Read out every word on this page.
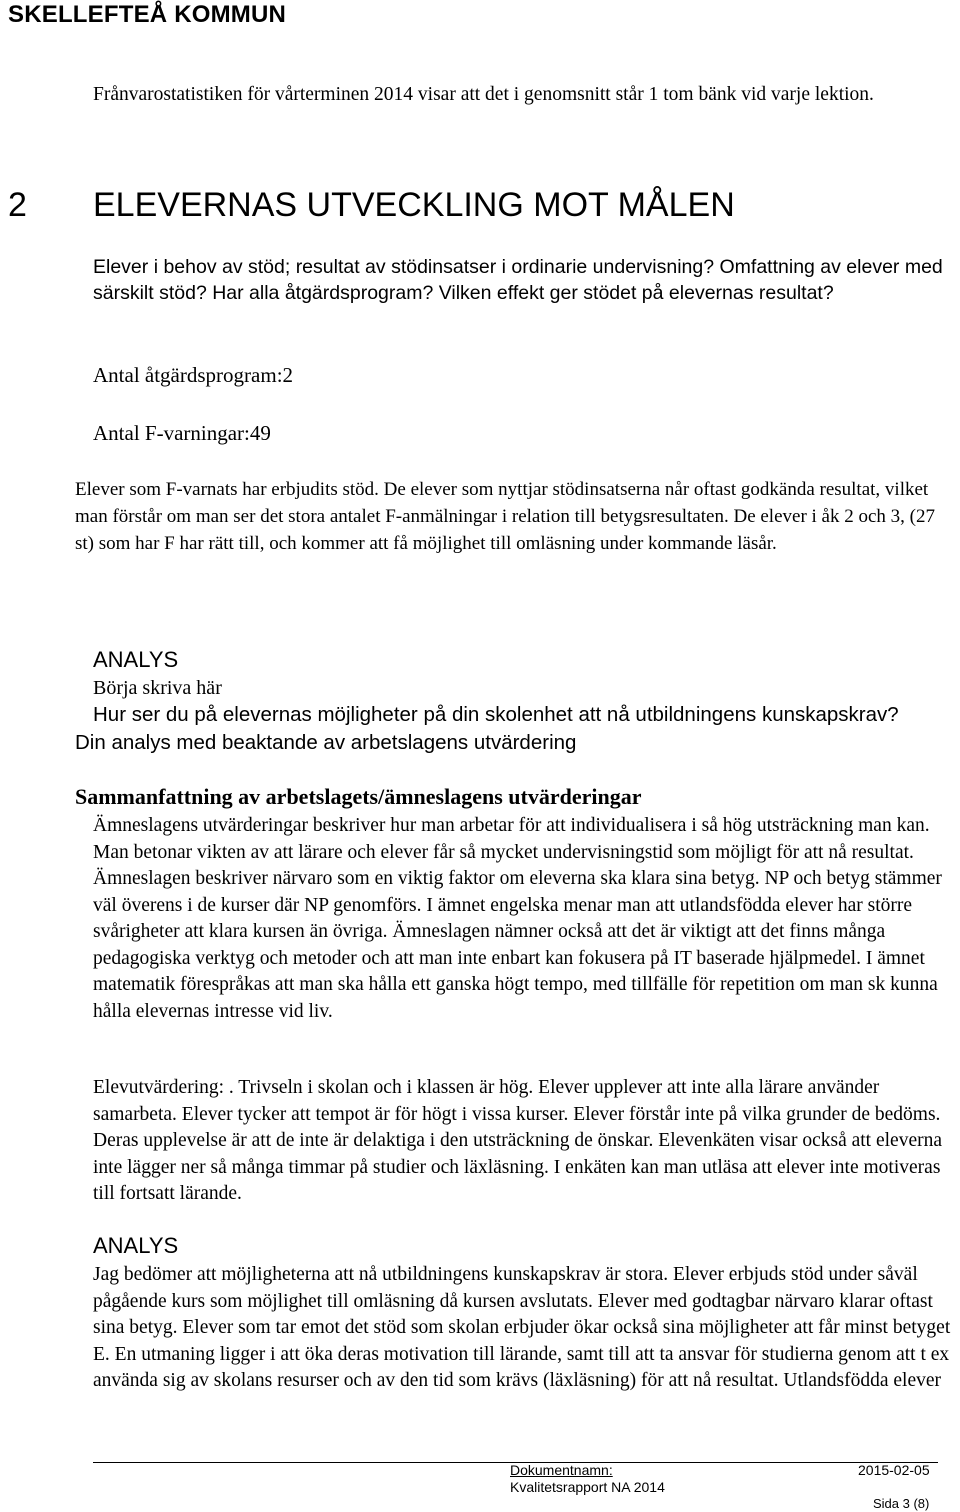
SKELLEFTEÅ KOMMUN

Frånvarostatistiken för vårterminen 2014 visar att det i genomsnitt står 1 tom bänk vid varje lektion.

2 ELEVERNAS UTVECKLING MOT MÅLEN

Elever i behov av stöd; resultat av stödinsatser i ordinarie undervisning? Omfattning av elever med särskilt stöd? Har alla åtgärdsprogram? Vilken effekt ger stödet på elevernas resultat?

Antal åtgärdsprogram:2
Antal F-varningar:49

Elever som F-varnats har erbjudits stöd. De elever som nyttjar stödinsatserna når oftast godkända resultat, vilket man förstår om man ser det stora antalet F-anmälningar i relation till betygsresultaten. De elever i åk 2 och 3, (27 st) som har F har rätt till, och kommer att få möjlighet till omläsning under kommande läsår.

ANALYS
Börja skriva här

Hur ser du på elevernas möjligheter på din skolenhet att nå utbildningens kunskapskrav? Din analys med beaktande av arbetslagens utvärdering

Sammanfattning av arbetslagets/ämneslagens utvärderingar

Ämneslagens utvärderingar beskriver hur man arbetar för att individualisera i så hög utsträckning man kan. Man betonar vikten av att lärare och elever får så mycket undervisningstid som möjligt för att nå resultat. Ämneslagen beskriver närvaro som en viktig faktor om eleverna ska klara sina betyg. NP och betyg stämmer väl överens i de kurser där NP genomförs. I ämnet engelska menar man att utlandsfödda elever har större svårigheter att klara kursen än övriga. Ämneslagen nämner också att det är viktigt att det finns många pedagogiska verktyg och metoder och att man inte enbart kan fokusera på IT baserade hjälpmedel. I ämnet matematik förespråkas att man ska hålla ett ganska högt tempo, med tillfälle för repetition om man sk kunna hålla elevernas intresse vid liv.

Elevutvärdering: . Trivseln i skolan och i klassen är hög. Elever upplever att inte alla lärare använder samarbeta. Elever tycker att tempot är för högt i vissa kurser. Elever förstår inte på vilka grunder de bedöms. Deras upplevelse är att de inte är delaktiga i den utsträckning de önskar. Elevenkäten visar också att eleverna inte lägger ner så många timmar på studier och läxläsning. I enkäten kan man utläsa att elever inte motiveras till fortsatt lärande.

ANALYS

Jag bedömer att möjligheterna att nå utbildningens kunskapskrav är stora. Elever erbjuds stöd under såväl pågående kurs som möjlighet till omläsning då kursen avslutats. Elever med godtagbar närvaro klarar oftast sina betyg. Elever som tar emot det stöd som skolan erbjuder ökar också sina möjligheter att får minst betyget E. En utmaning ligger i att öka deras motivation till lärande, samt till att ta ansvar för studierna genom att t ex använda sig av skolans resurser och av den tid som krävs (läxläsning) för att nå resultat. Utlandsfödda elever

Dokumentnamn:
Kvalitetsrapport NA 2014
2015-02-05
Sida 3 (8)
